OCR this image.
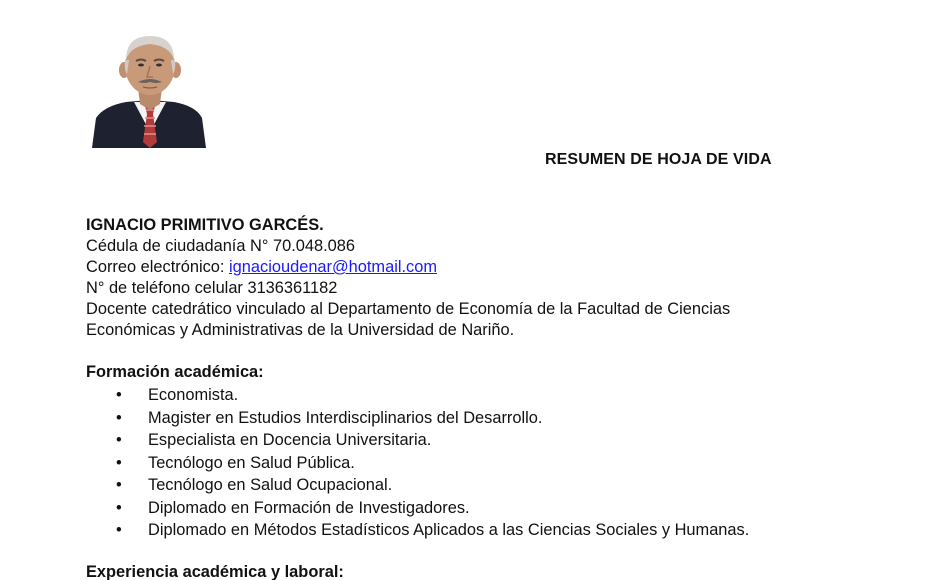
RESUMEN DE HOJA DE VIDA
IGNACIO PRIMITIVO GARCÉS.
Cédula de ciudadanía N° 70.048.086
Correo electrónico: ignacioudenar@hotmail.com
N° de teléfono celular 3136361182
Docente catedrático vinculado al Departamento de Economía de la Facultad de Ciencias
Económicas y Administrativas de la Universidad de Nariño.
Formación académica:
• Economista.
• Magister en Estudios Interdisciplinarios del Desarrollo.
• Especialista en Docencia Universitaria.
• Tecnólogo en Salud Pública.
• Tecnólogo en Salud Ocupacional.
• Diplomado en Formación de Investigadores.
• Diplomado en Métodos Estadísticos Aplicados a las Ciencias Sociales y Humanas.
Experiencia académica y laboral:
